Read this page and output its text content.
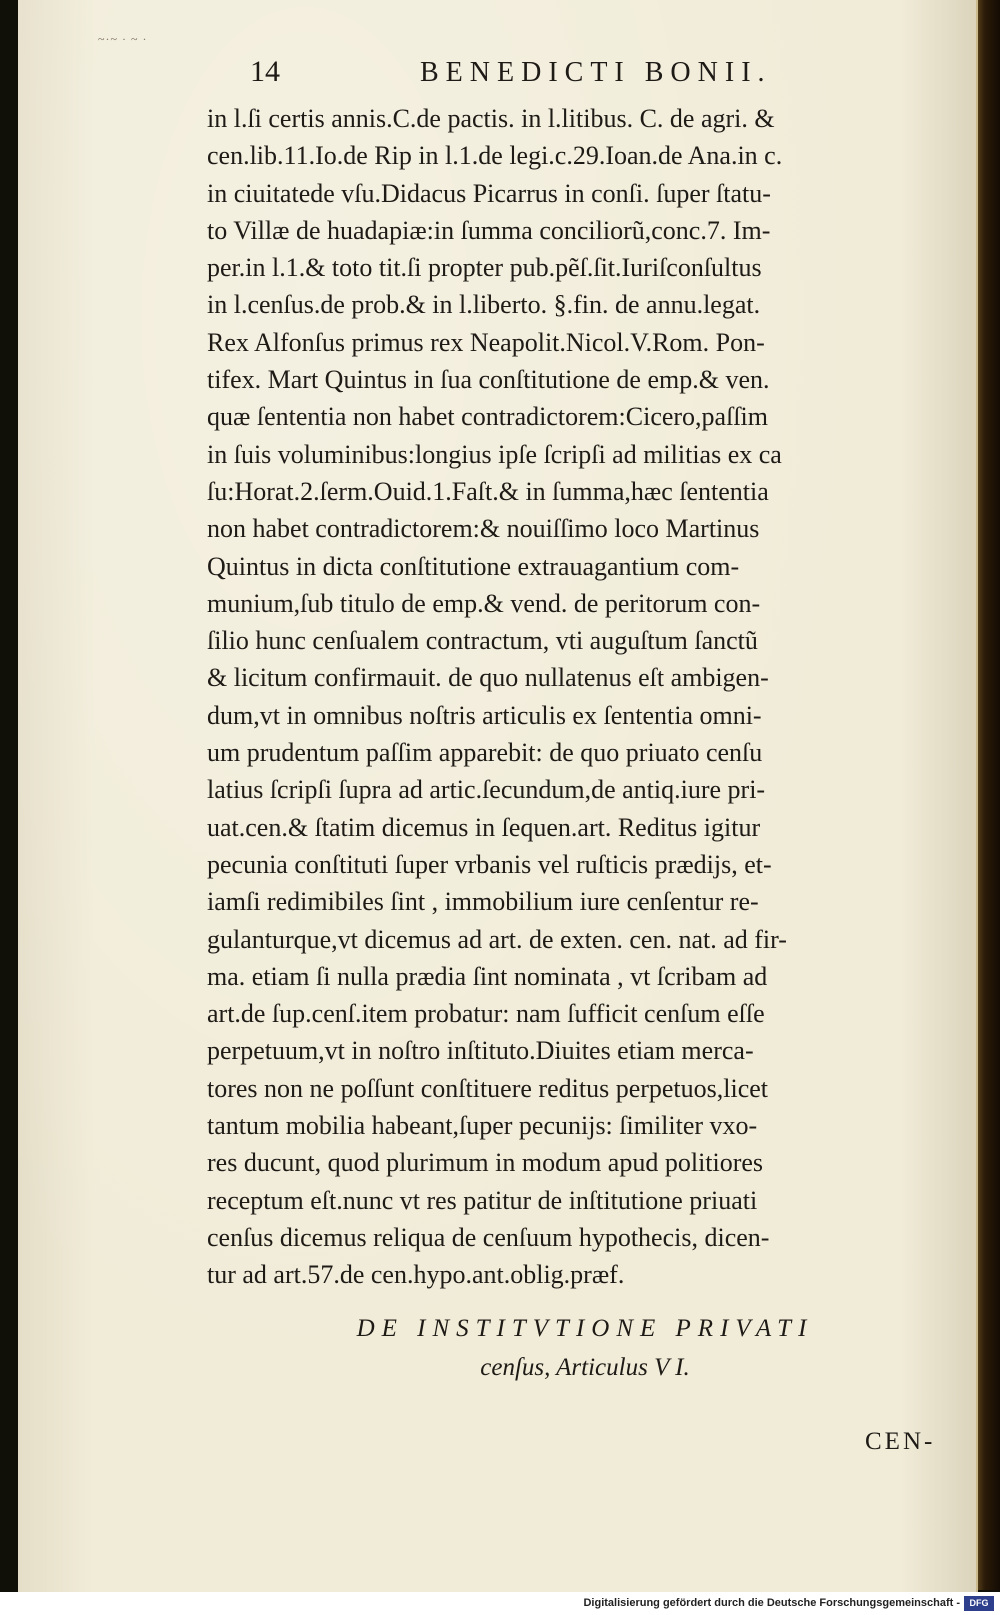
~·~ · ~ ·
14	BENEDICTI BONII.
in l.ſi certis annis.C.de pactis. in l.litibus. C. de agri. &
cen.lib.11.Io.de Rip in l.1.de legi.c.29.Ioan.de Ana.in c.
in ciuitatede vſu.Didacus Picarrus in conſi. ſuper ſtatu-
to Villæ de huadapiæ:in ſumma conciliorũ,conc.7. Im-
per.in l.1.& toto tit.ſi propter pub.pẽſ.ſit.Iuriſconſultus
in l.cenſus.de prob.& in l.liberto. §.fin. de annu.legat.
Rex Alfonſus primus rex Neapolit.Nicol.V.Rom. Pon-
tifex. Mart Quintus in ſua conſtitutione de emp.& ven.
quæ ſententia non habet contradictorem:Cicero,paſſim
in ſuis voluminibus:longius ipſe ſcripſi ad militias ex ca
ſu:Horat.2.ſerm.Ouid.1.Faſt.& in ſumma,hæc ſententia
non habet contradictorem:& nouiſſimo loco Martinus
Quintus in dicta conſtitutione extrauagantium com-
munium,ſub titulo de emp.& vend. de peritorum con-
ſilio hunc cenſualem contractum, vti auguſtum ſanctũ
& licitum confirmauit. de quo nullatenus eſt ambigen-
dum,vt in omnibus noſtris articulis ex ſententia omni-
um prudentum paſſim apparebit: de quo priuato cenſu
latius ſcripſi ſupra ad artic.ſecundum,de antiq.iure pri-
uat.cen.& ſtatim dicemus in ſequen.art. Reditus igitur
pecunia conſtituti ſuper vrbanis vel ruſticis prædijs, et-
iamſi redimibiles ſint , immobilium iure cenſentur re-
gulanturque,vt dicemus ad art. de exten. cen. nat. ad fir-
ma. etiam ſi nulla prædia ſint nominata , vt ſcribam ad
art.de ſup.cenſ.item probatur: nam ſufficit cenſum eſſe
perpetuum,vt in noſtro inſtituto.Diuites etiam merca-
tores non ne poſſunt conſtituere reditus perpetuos,licet
tantum mobilia habeant,ſuper pecunijs: ſimiliter vxo-
res ducunt, quod plurimum in modum apud politiores
receptum eſt.nunc vt res patitur de inſtitutione priuati
cenſus dicemus reliqua de cenſuum hypothecis, dicen-
tur ad art.57.de cen.hypo.ant.oblig.præf.
DE INSTITVTIONE PRIVATI
cenſus, Articulus V I.
CEN-
Digitalisierung gefördert durch die Deutsche Forschungsgemeinschaft -	DFG
